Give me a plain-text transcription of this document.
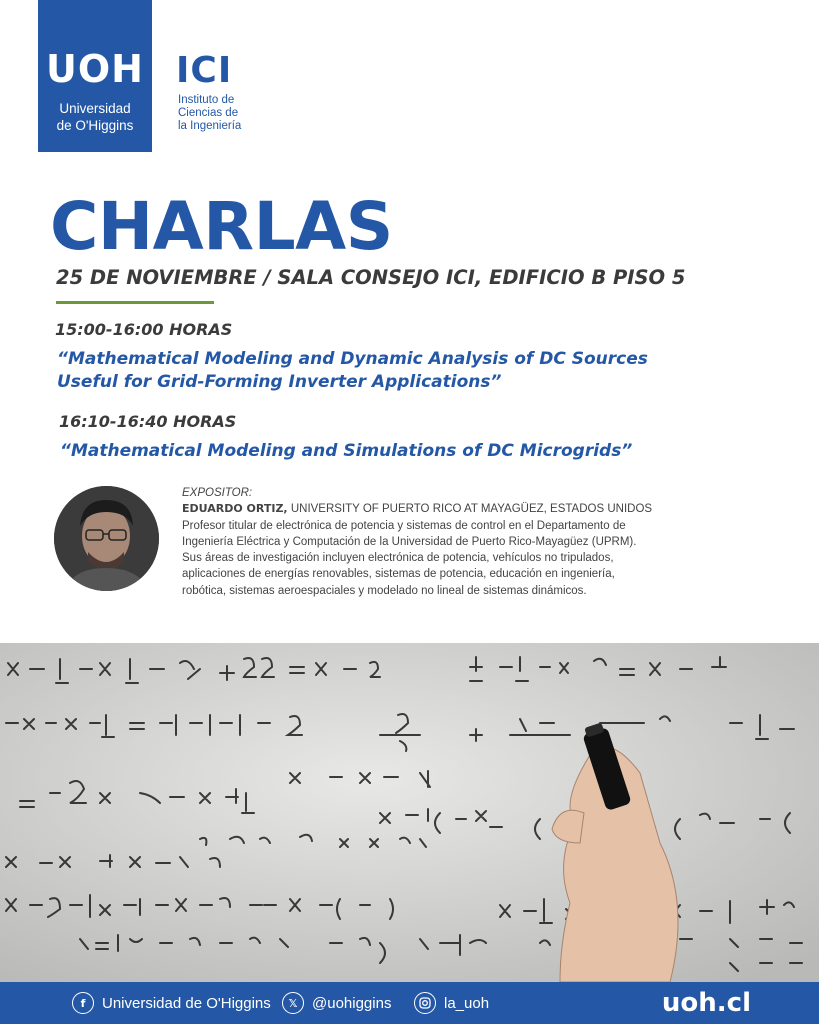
UOH
Universidad
de O'Higgins
ICI
Instituto de
Ciencias de
la Ingeniería
CHARLAS
25 DE NOVIEMBRE / SALA CONSEJO ICI, EDIFICIO B PISO 5
15:00-16:00 HORAS
“Mathematical Modeling and Dynamic Analysis of DC Sources
Useful for Grid-Forming Inverter Applications”
16:10-16:40 HORAS
“Mathematical Modeling and Simulations of DC Microgrids”
EXPOSITOR:
EDUARDO ORTIZ, UNIVERSITY OF PUERTO RICO AT MAYAGÜEZ, ESTADOS UNIDOS
Profesor titular de electrónica de potencia y sistemas de control en el Departamento de
Ingeniería Eléctrica y Computación de la Universidad de Puerto Rico-Mayagüez (UPRM).
Sus áreas de investigación incluyen electrónica de potencia, vehículos no tripulados,
aplicaciones de energías renovables, sistemas de potencia, educación en ingeniería,
robótica, sistemas aeroespaciales y modelado no lineal de sistemas dinámicos.
f	Universidad de O'Higgins	𝕏 @uohiggins	la_uoh	uoh.cl
